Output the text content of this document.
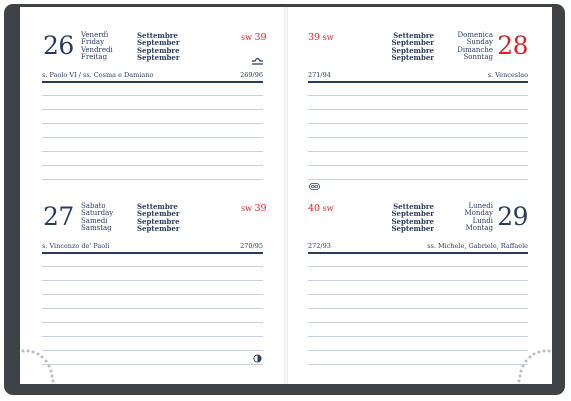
26 Venerdì
Friday
Vendredi
Freitag
Settembre
September
Septembre
September
sw 39
s. Paolo VI / ss. Cosma e Damiano	269/96
27 Sabato
Saturday
Samedi
Samstag
Settembre
September
Septembre
September
sw 39
s. Vincenzo de' Paoli	270/95
39 sw	Settembre
September
Septembre
September
Domenica
Sunday
Dimanche
Sonntag 28
271/94	s. Venceslao
40 sw	Settembre
September
Septembre
September
Lunedì
Monday
Lundi
Montag 29
272/93	ss. Michele, Gabriele, Raffaele
